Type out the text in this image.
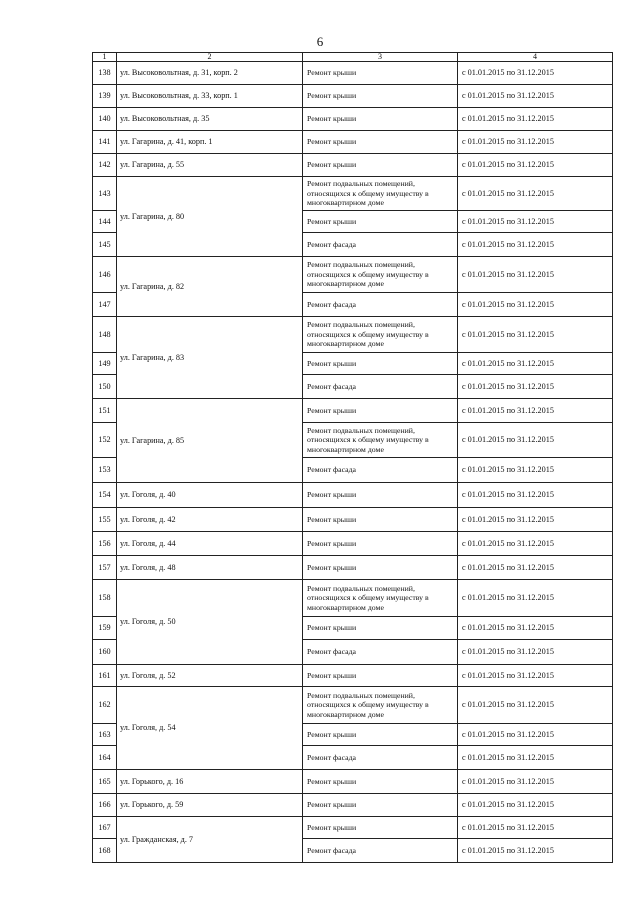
6
1	2	3	4
138	ул. Высоковольтная, д. 31, корп. 2	Ремонт крыши	с 01.01.2015 по 31.12.2015
139	ул. Высоковольтная, д. 33, корп. 1	Ремонт крыши	с 01.01.2015 по 31.12.2015
140	ул. Высоковольтная, д. 35	Ремонт крыши	с 01.01.2015 по 31.12.2015
141	ул. Гагарина, д. 41, корп. 1	Ремонт крыши	с 01.01.2015 по 31.12.2015
142	ул. Гагарина, д. 55	Ремонт крыши	с 01.01.2015 по 31.12.2015
143	ул. Гагарина, д. 80	Ремонт подвальных помещений, относящихся к общему имуществу в многоквартирном доме	с 01.01.2015 по 31.12.2015
144		Ремонт крыши	с 01.01.2015 по 31.12.2015
145		Ремонт фасада	с 01.01.2015 по 31.12.2015
146	ул. Гагарина, д. 82	Ремонт подвальных помещений, относящихся к общему имуществу в многоквартирном доме	с 01.01.2015 по 31.12.2015
147		Ремонт фасада	с 01.01.2015 по 31.12.2015
148	ул. Гагарина, д. 83	Ремонт подвальных помещений, относящихся к общему имуществу в многоквартирном доме	с 01.01.2015 по 31.12.2015
149		Ремонт крыши	с 01.01.2015 по 31.12.2015
150		Ремонт фасада	с 01.01.2015 по 31.12.2015
151	ул. Гагарина, д. 85	Ремонт крыши	с 01.01.2015 по 31.12.2015
152		Ремонт подвальных помещений, относящихся к общему имуществу в многоквартирном доме	с 01.01.2015 по 31.12.2015
153		Ремонт фасада	с 01.01.2015 по 31.12.2015
154	ул. Гоголя, д. 40	Ремонт крыши	с 01.01.2015 по 31.12.2015
155	ул. Гоголя, д. 42	Ремонт крыши	с 01.01.2015 по 31.12.2015
156	ул. Гоголя, д. 44	Ремонт крыши	с 01.01.2015 по 31.12.2015
157	ул. Гоголя, д. 48	Ремонт крыши	с 01.01.2015 по 31.12.2015
158	ул. Гоголя, д. 50	Ремонт подвальных помещений, относящихся к общему имуществу в многоквартирном доме	с 01.01.2015 по 31.12.2015
159		Ремонт крыши	с 01.01.2015 по 31.12.2015
160		Ремонт фасада	с 01.01.2015 по 31.12.2015
161	ул. Гоголя, д. 52	Ремонт крыши	с 01.01.2015 по 31.12.2015
162	ул. Гоголя, д. 54	Ремонт подвальных помещений, относящихся к общему имуществу в многоквартирном доме	с 01.01.2015 по 31.12.2015
163		Ремонт крыши	с 01.01.2015 по 31.12.2015
164		Ремонт фасада	с 01.01.2015 по 31.12.2015
165	ул. Горького, д. 16	Ремонт крыши	с 01.01.2015 по 31.12.2015
166	ул. Горького, д. 59	Ремонт крыши	с 01.01.2015 по 31.12.2015
167	ул. Гражданская, д. 7	Ремонт крыши	с 01.01.2015 по 31.12.2015
168		Ремонт фасада	с 01.01.2015 по 31.12.2015
